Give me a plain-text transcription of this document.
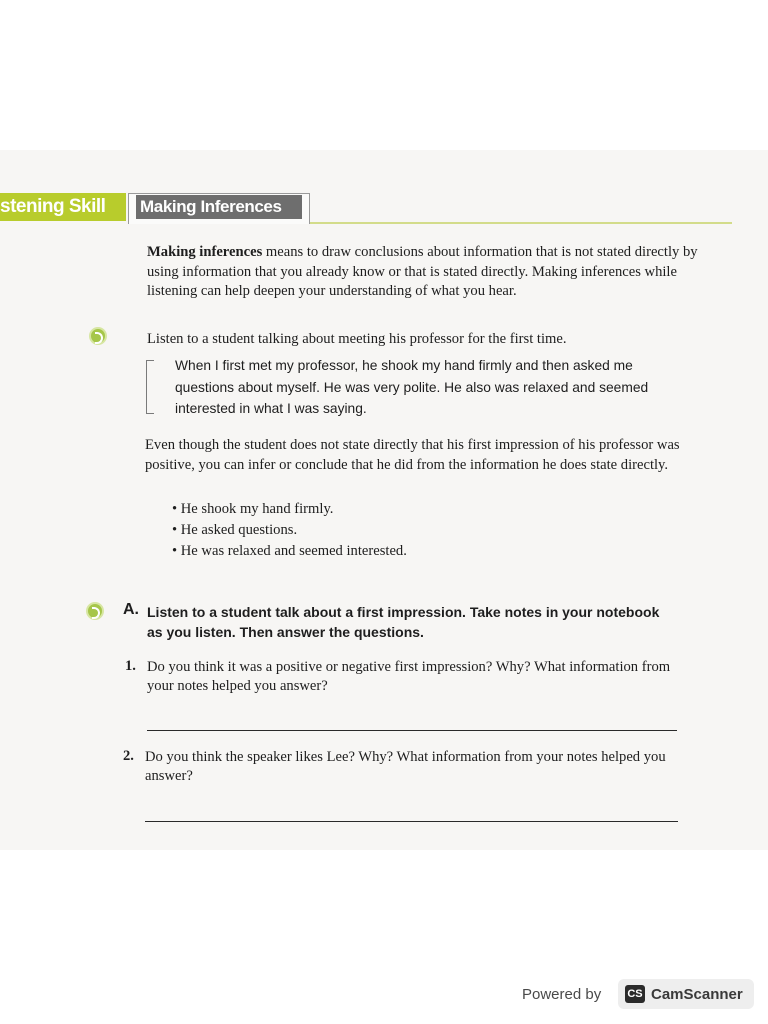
stening Skill Making Inferences

Making inferences means to draw conclusions about information that is not stated directly by using information that you already know or that is stated directly. Making inferences while listening can help deepen your understanding of what you hear.

Listen to a student talking about meeting his professor for the first time.

When I first met my professor, he shook my hand firmly and then asked me questions about myself. He was very polite. He also was relaxed and seemed interested in what I was saying.

Even though the student does not state directly that his first impression of his professor was positive, you can infer or conclude that he did from the information he does state directly.

• He shook my hand firmly.
• He asked questions.
• He was relaxed and seemed interested.
A. Listen to a student talk about a first impression. Take notes in your notebook as you listen. Then answer the questions.

1. Do you think it was a positive or negative first impression? Why? What information from your notes helped you answer?

2. Do you think the speaker likes Lee? Why? What information from your notes helped you answer?

Powered by CS CamScanner
